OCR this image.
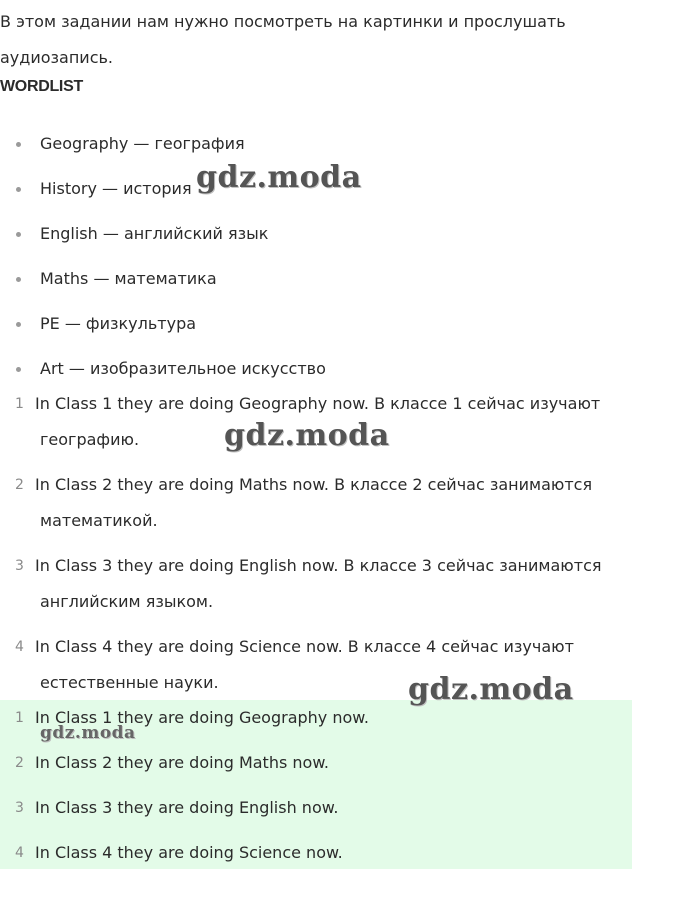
В этом задании нам нужно посмотреть на картинки и прослушать аудиозапись.

WORDLIST
Geography — география
History — история
English — английский язык
Maths — математика
PE — физкультура
Art — изобразительное искусство
1 In Class 1 they are doing Geography now. В классе 1 сейчас изучают
географию.
2 In Class 2 they are doing Maths now. В классе 2 сейчас занимаются
математикой.
3 In Class 3 they are doing English now. В классе 3 сейчас занимаются
английским языком.
4 In Class 4 they are doing Science now. В классе 4 сейчас изучают
естественные науки.
1 In Class 1 they are doing Geography now.
2 In Class 2 they are doing Maths now.
3 In Class 3 they are doing English now.
4 In Class 4 they are doing Science now.
gdz.moda
gdz.moda
gdz.moda
gdz.moda
